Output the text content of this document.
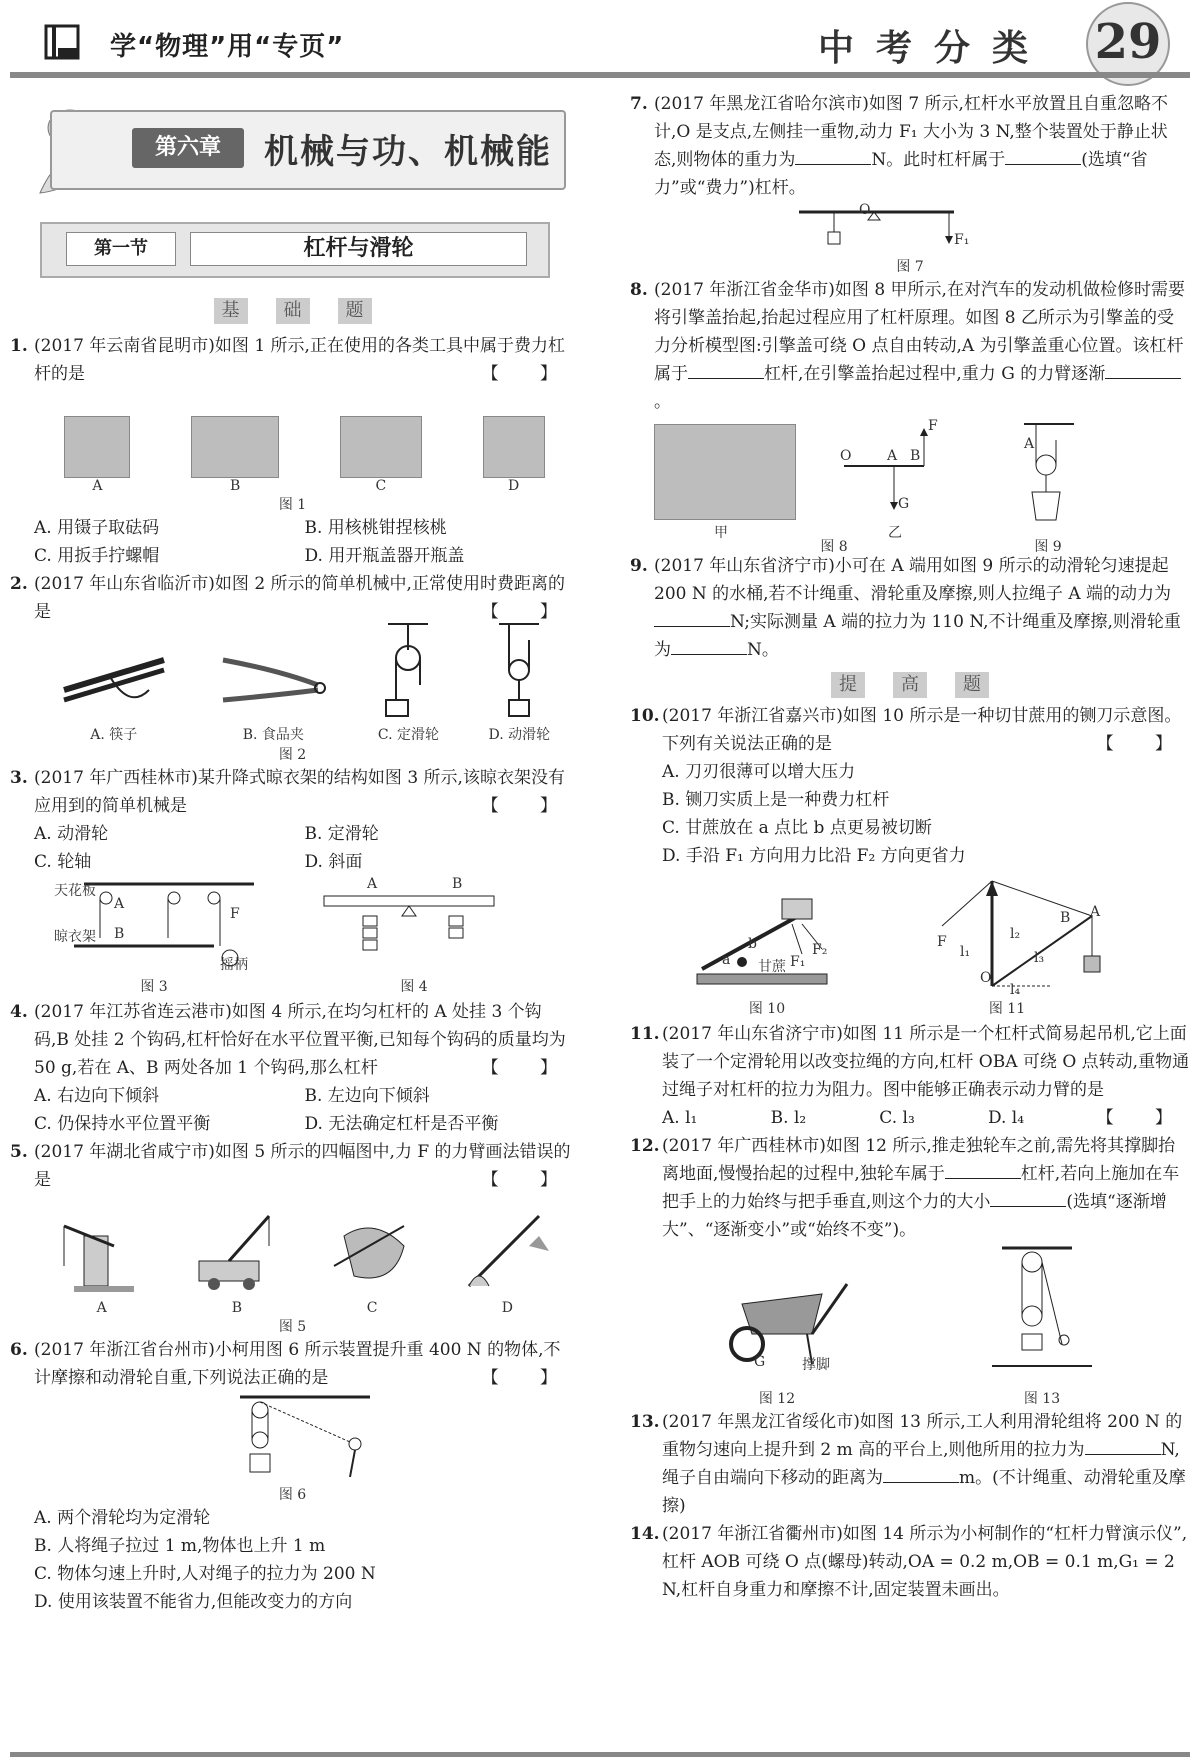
学“物理”用“专页”	中考分类 29
第六章	机械与功、机械能
第一节	杠杆与滑轮
基 础 题

1. (2017 年云南省昆明市)如图 1 所示,正在使用的各类工具中属于费力杠杆的是	【 】

A	B	C	D
图 1
A. 用镊子取砝码	B. 用核桃钳捏核桃
C. 用扳手拧螺帽	D. 用开瓶盖器开瓶盖

2. (2017 年山东省临沂市)如图 2 所示的简单机械中,正常使用时费距离的是	【 】

A. 筷子	B. 食品夹	C. 定滑轮	D. 动滑轮
图 2

3. (2017 年广西桂林市)某升降式晾衣架的结构如图 3 所示,该晾衣架没有应用到的简单机械是	【 】

A. 动滑轮	B. 定滑轮
C. 轮轴	D. 斜面
天花板
A
晾衣架 B
F
摇柄
图 3
A	B
图 4

4. (2017 年江苏省连云港市)如图 4 所示,在均匀杠杆的 A 处挂 3 个钩码,B 处挂 2 个钩码,杠杆恰好在水平位置平衡,已知每个钩码的质量均为 50 g,若在 A、B 两处各加 1 个钩码,那么杠杆	【 】

A. 右边向下倾斜	B. 左边向下倾斜
C. 仍保持水平位置平衡	D. 无法确定杠杆是否平衡

5. (2017 年湖北省咸宁市)如图 5 所示的四幅图中,力 F 的力臂画法错误的是	【 】

A	B	C	D
图 5

6. (2017 年浙江省台州市)小柯用图 6 所示装置提升重 400 N 的物体,不计摩擦和动滑轮自重,下列说法正确的是	【 】

图 6
A. 两个滑轮均为定滑轮
B. 人将绳子拉过 1 m,物体也上升 1 m
C. 物体匀速上升时,人对绳子的拉力为 200 N
D. 使用该装置不能省力,但能改变力的方向

7. (2017 年黑龙江省哈尔滨市)如图 7 所示,杠杆水平放置且自重忽略不计,O 是支点,左侧挂一重物,动力 F₁ 大小为 3 N,整个装置处于静止状态,则物体的重力为	N。此时杠杆属于	(选填“省力”或“费力”)杠杆。

O
F₁
图 7

8. (2017 年浙江省金华市)如图 8 甲所示,在对汽车的发动机做检修时需要将引擎盖抬起,抬起过程应用了杠杆原理。如图 8 乙所示为引擎盖的受力分析模型图:引擎盖可绕 O 点自由转动,A 为引擎盖重心位置。该杠杆属于	杠杆,在引擎盖抬起过程中,重力 G 的力臂逐渐。

甲
O	A B
F
G
乙
A
图 8	图 9

9. (2017 年山东省济宁市)小可在 A 端用如图 9 所示的动滑轮匀速提起 200 N 的水桶,若不计绳重、滑轮重及摩擦,则人拉绳子 A 端的动力为N;实际测量 A 端的拉力为 110 N,不计绳重及摩擦,则滑轮重为	N。

提 高 题

10. (2017 年浙江省嘉兴市)如图 10 所示是一种切甘蔗用的铡刀示意图。下列有关说法正确的是	【 】

A. 刀刃很薄可以增大压力
B. 铡刀实质上是一种费力杠杆
C. 甘蔗放在 a 点比 b 点更易被切断
D. 手沿 F₁ 方向用力比沿 F₂ 方向更省力
a
b
甘蔗 F₁
F₂
A
B
O
F
l₁
l₂
l₃
l₄
图 10	图 11

11. (2017 年山东省济宁市)如图 11 所示是一个杠杆式简易起吊机,它上面装了一个定滑轮用以改变拉绳的方向,杠杆 OBA 可绕 O 点转动,重物通过绳子对杠杆的拉力为阻力。图中能够正确表示动力臂的是
【 】

A. l₁	B. l₂	C. l₃	D. l₄

12. (2017 年广西桂林市)如图 12 所示,推走独轮车之前,需先将其撑脚抬离地面,慢慢抬起的过程中,独轮车属于	杠杆,若向上施加在车把手上的力始终与把手垂直,则这个力的大小	(选填“逐渐增大”、“逐渐变小”或“始终不变”)。

撑脚
G
图 12	图 13

13. (2017 年黑龙江省绥化市)如图 13 所示,工人利用滑轮组将 200 N 的重物匀速向上提升到 2 m 高的平台上,则他所用的拉力为	N,绳子自由端向下移动的距离为	m。(不计绳重、动滑轮重及摩擦)

14. (2017 年浙江省衢州市)如图 14 所示为小柯制作的“杠杆力臂演示仪”,杠杆 AOB 可绕 O 点(螺母)转动,OA = 0.2 m,OB = 0.1 m,G₁ = 2 N,杠杆自身重力和摩擦不计,固定装置未画出。
